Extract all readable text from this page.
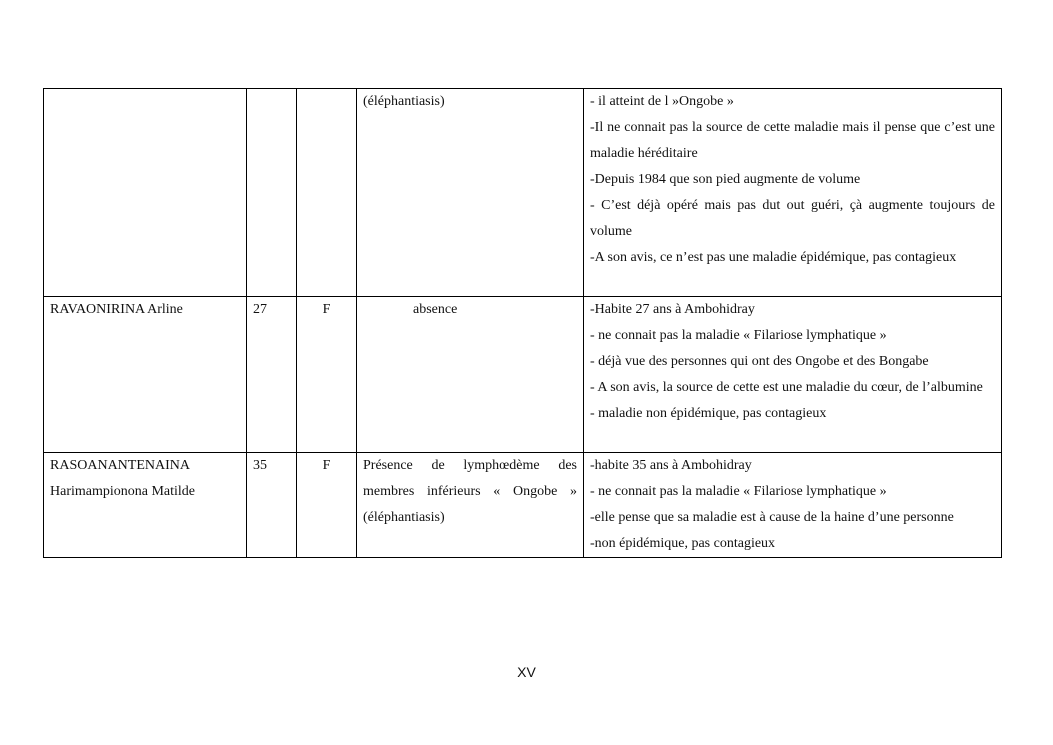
			(éléphantiasis)	- il atteint de l »Ongobe »
-Il ne connait pas la source de cette maladie mais il pense que c’est une maladie héréditaire
-Depuis 1984 que son pied augmente de volume
- C’est déjà opéré mais pas dut out guéri, çà augmente toujours de volume
-A son avis, ce n’est pas une maladie épidémique, pas contagieux

RAVAONIRINA Arline	27	F	absence	-Habite 27 ans à Ambohidray
- ne connait pas la maladie « Filariose lymphatique »
- déjà vue des personnes qui ont des Ongobe et des Bongabe
- A son avis, la source de cette est une maladie du cœur, de l’albumine
- maladie non épidémique, pas contagieux

RASOANANTENAINA
Harimampionona Matilde	35	F	Présence de lymphœdème des membres inférieurs « Ongobe » (éléphantiasis)	-habite 35 ans à Ambohidray
- ne connait pas la maladie « Filariose lymphatique »
-elle pense que sa maladie est à cause de la haine d’une personne
-non épidémique, pas contagieux
XV
